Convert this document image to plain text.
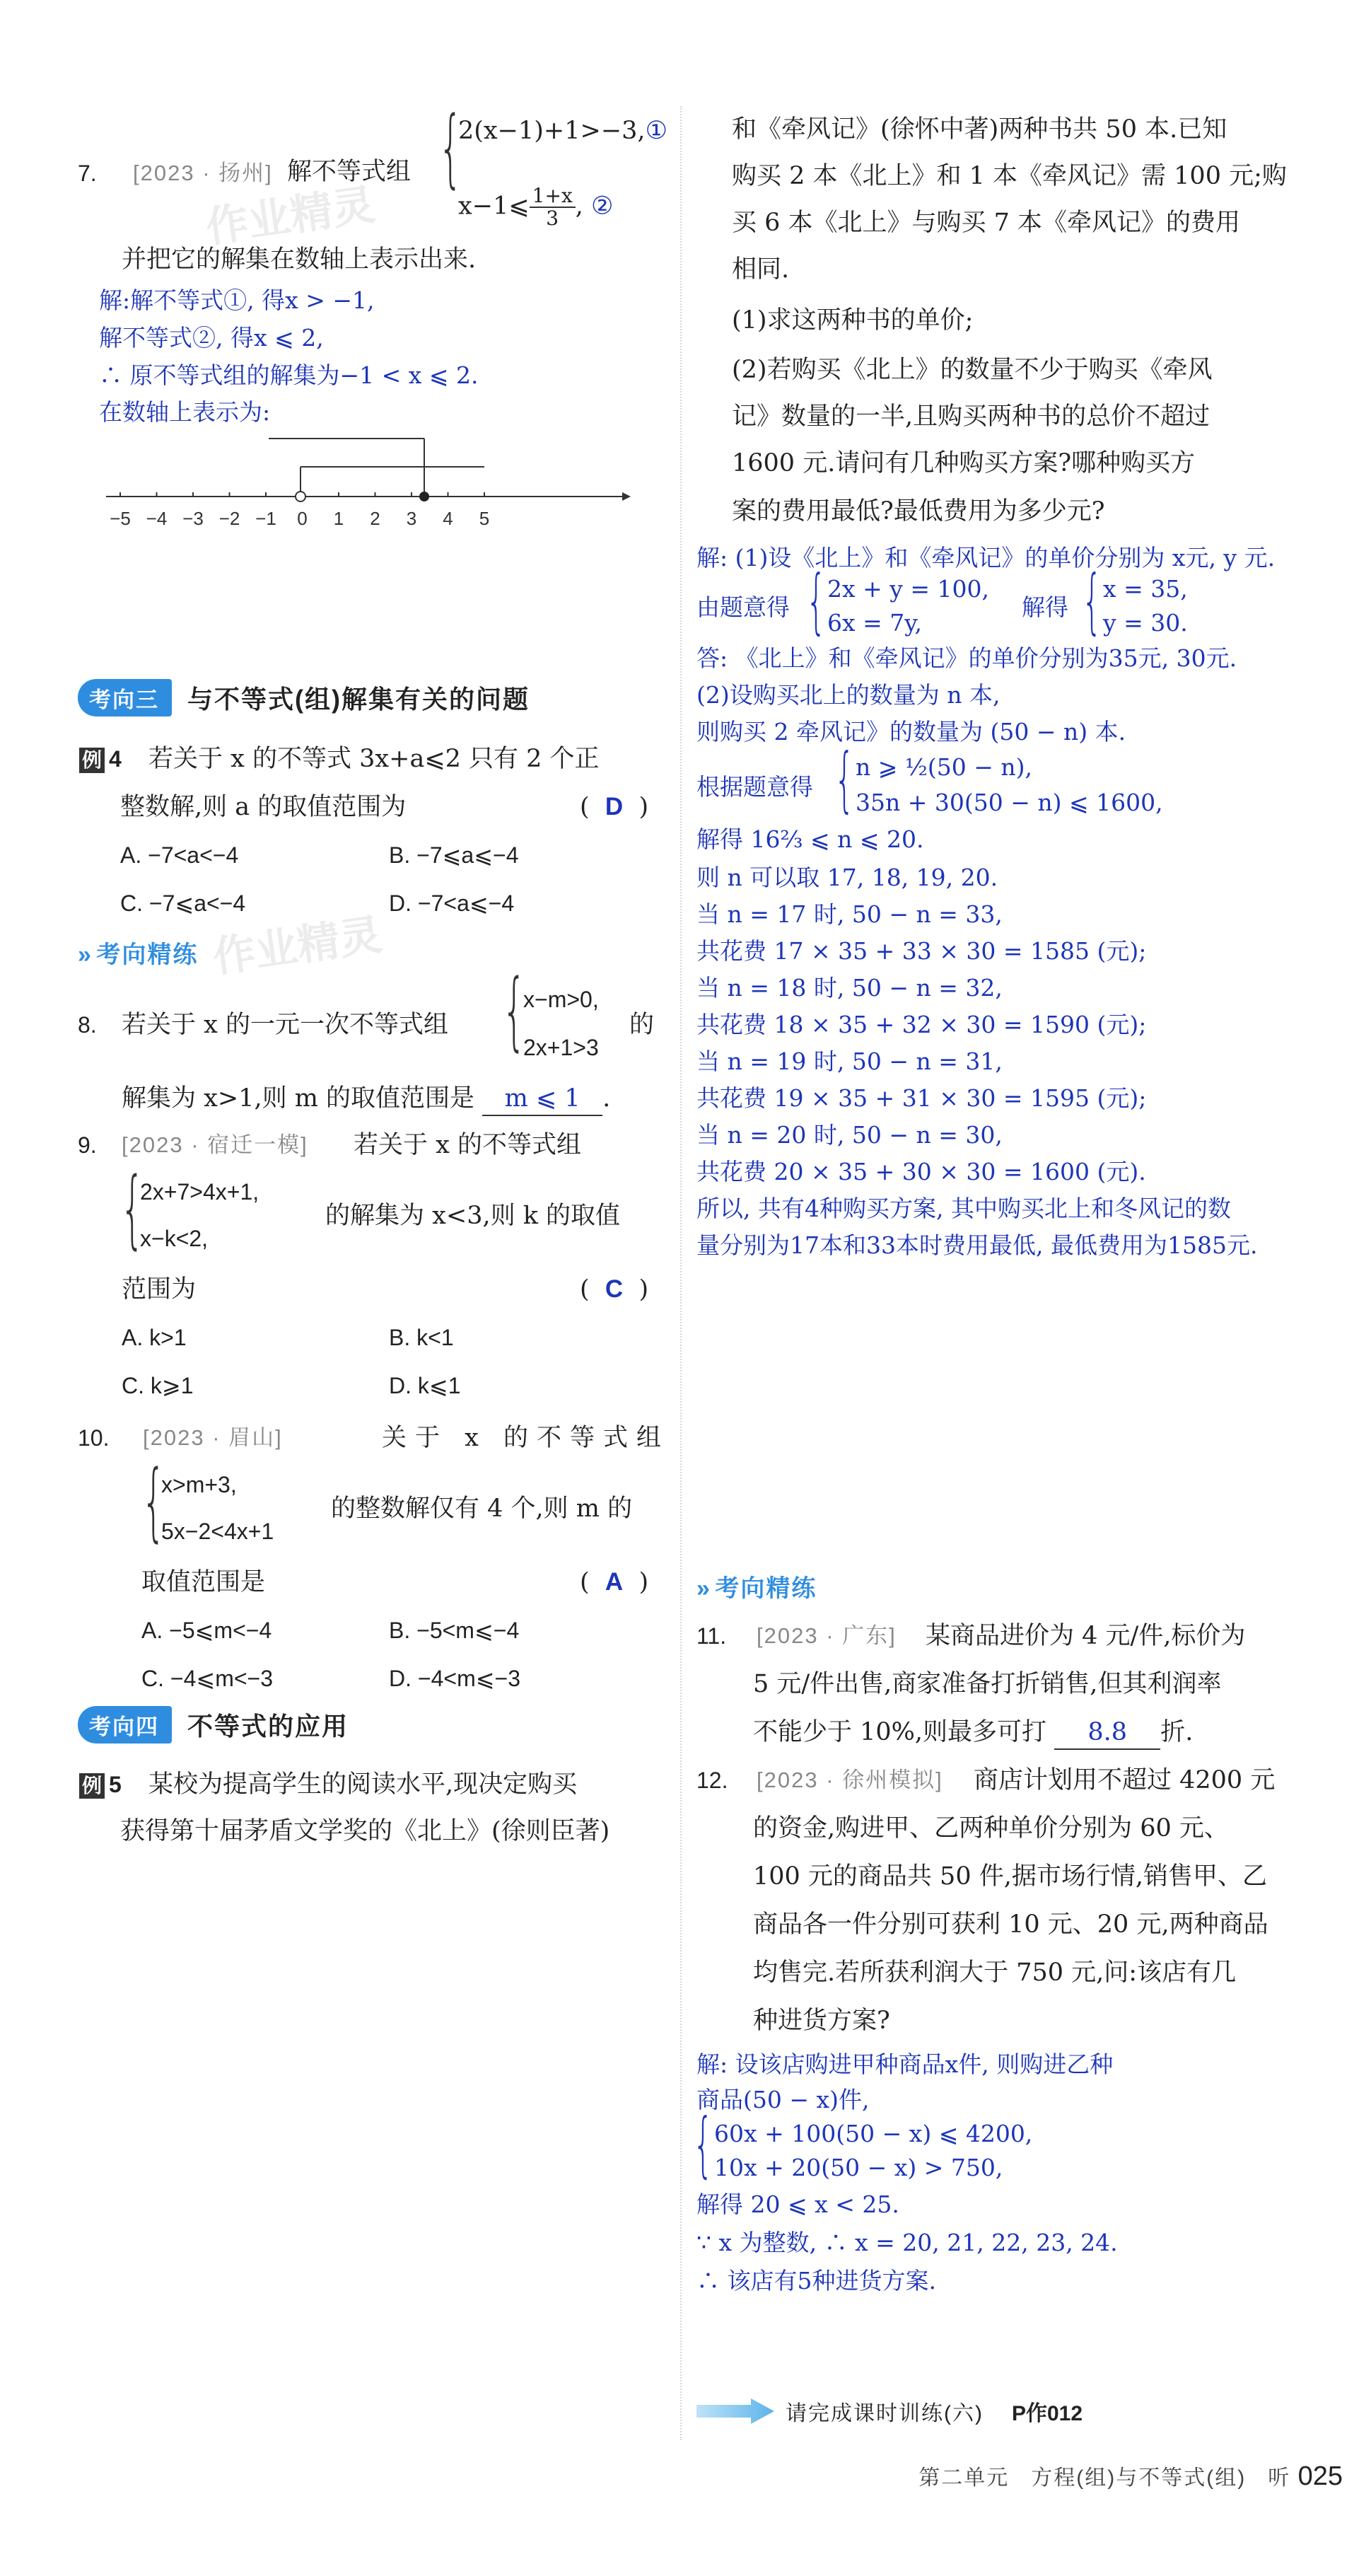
作业精灵
作业精灵
7. [2023 · 扬州] 解不等式组 {
2(x−1)+1>−3,①
x−1⩽ $\frac{1+x}{3}$ , ②
并把它的解集在数轴上表示出来.
解:解不等式①, 得x > −1,
解不等式②, 得x ⩽ 2,
∴ 原不等式组的解集为−1 < x ⩽ 2.
在数轴上表示为:
−5 −4 −3 −2 −1 0 1 2 3 4 5
考向三	与不等式(组)解集有关的问题
例 4 若关于 x 的不等式 3x+a⩽2 只有 2 个正
整数解,则 a 的取值范围为	( D )
A. −7<a<−4	B. −7⩽a⩽−4
C. −7⩽a<−4	D. −7<a⩽−4
» 考向精练
8. 若关于 x 的一元一次不等式组 {
x−m>0,
2x+1>3
的
解集为 x>1,则 m 的取值范围是 m ⩽ 1 .
9. [2023 · 宿迁一模] 若关于 x 的不等式组
{
2x+7>4x+1,
x−k<2,
的解集为 x<3,则 k 的取值
范围为	( C )
A. k>1	B. k<1
C. k⩾1	D. k⩽1
10. [2023 · 眉山]	关于 x 的不等式组
{
x>m+3,
5x−2<4x+1
的整数解仅有 4 个,则 m 的
取值范围是	( A )
A. −5⩽m<−4	B. −5<m⩽−4
C. −4⩽m<−3	D. −4<m⩽−3
考向四	不等式的应用
例 5 某校为提高学生的阅读水平,现决定购买
获得第十届茅盾文学奖的《北上》(徐则臣著)
和《牵风记》(徐怀中著)两种书共 50 本.已知
购买 2 本《北上》和 1 本《牵风记》需 100 元;购
买 6 本《北上》与购买 7 本《牵风记》的费用
相同.
(1)求这两种书的单价;
(2)若购买《北上》的数量不少于购买《牵风
记》数量的一半,且购买两种书的总价不超过
1600 元.请问有几种购买方案?哪种购买方
案的费用最低?最低费用为多少元?
解: (1)设《北上》和《牵风记》的单价分别为 x元, y 元.
由题意得 { 2x + y = 100,
6x = 7y,
解得 { x = 35,
y = 30.
答: 《北上》和《牵风记》的单价分别为35元, 30元.
(2)设购买北上的数量为 n 本,
则购买 2 牵风记》的数量为 (50 − n) 本.
根据题意得 { n ⩾ ½(50 − n),
35n + 30(50 − n) ⩽ 1600,
解得 16⅔ ⩽ n ⩽ 20.
则 n 可以取 17, 18, 19, 20.
当 n = 17 时, 50 − n = 33,
共花费 17 × 35 + 33 × 30 = 1585 (元);
当 n = 18 时, 50 − n = 32,
共花费 18 × 35 + 32 × 30 = 1590 (元);
当 n = 19 时, 50 − n = 31,
共花费 19 × 35 + 31 × 30 = 1595 (元);
当 n = 20 时, 50 − n = 30,
共花费 20 × 35 + 30 × 30 = 1600 (元).
所以, 共有4种购买方案, 其中购买北上和冬风记的数
量分别为17本和33本时费用最低, 最低费用为1585元.
» 考向精练
11. [2023 · 广东] 某商品进价为 4 元/件,标价为
5 元/件出售,商家准备打折销售,但其利润率
不能少于 10%,则最多可打 8.8 折.
12. [2023 · 徐州模拟] 商店计划用不超过 4200 元
的资金,购进甲、乙两种单价分别为 60 元、
100 元的商品共 50 件,据市场行情,销售甲、乙
商品各一件分别可获利 10 元、20 元,两种商品
均售完.若所获利润大于 750 元,问:该店有几
种进货方案?
解: 设该店购进甲种商品x件, 则购进乙种
商品(50 − x)件,
{ 60x + 100(50 − x) ⩽ 4200,
10x + 20(50 − x) > 750,
解得 20 ⩽ x < 25.
∵ x 为整数, ∴ x = 20, 21, 22, 23, 24.
∴ 该店有5种进货方案.
请完成课时训练(六) P作012
第二单元 方程(组)与不等式(组) 听 025
